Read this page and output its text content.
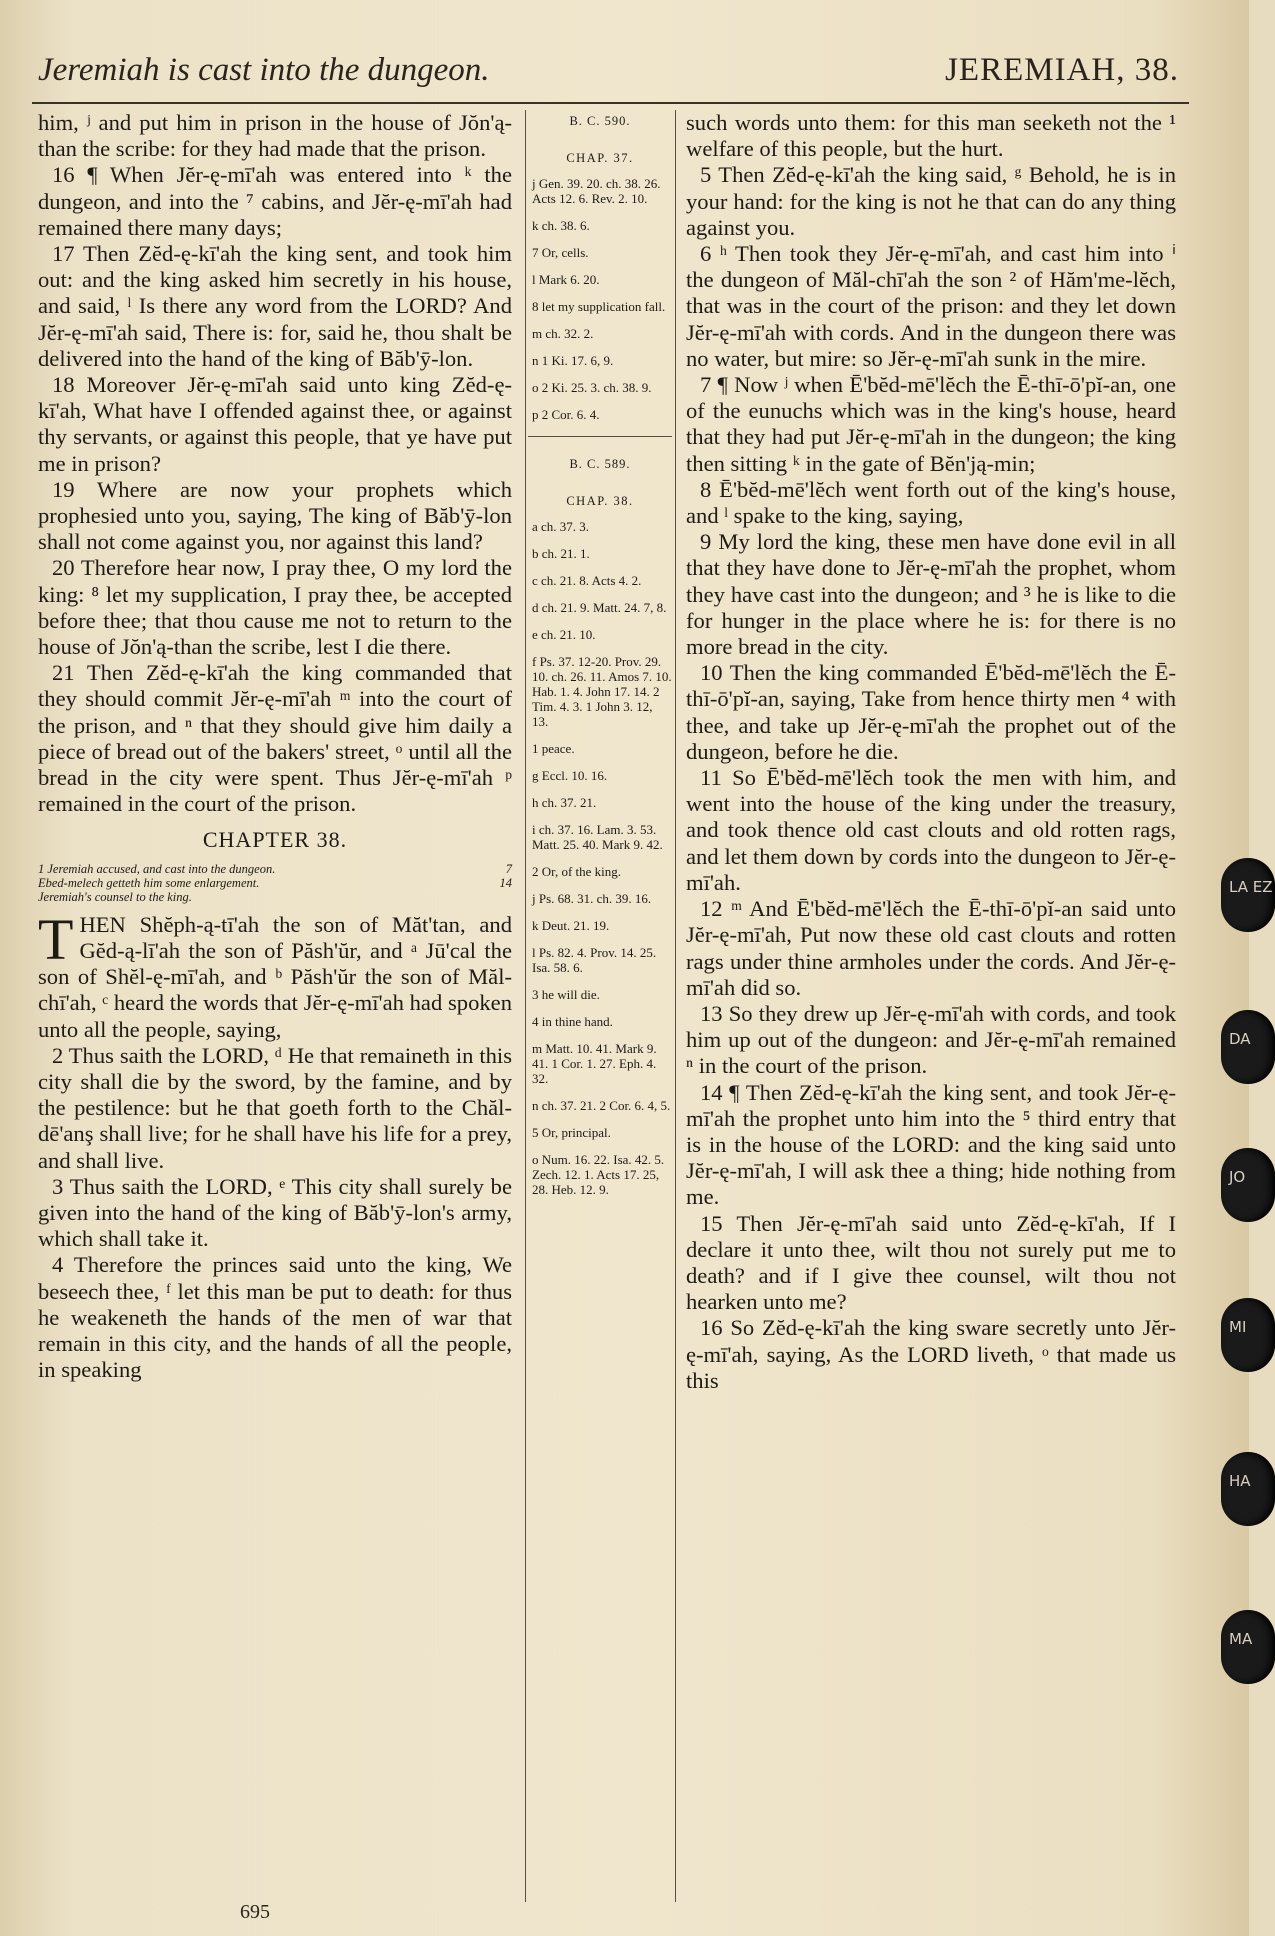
Jeremiah is cast into the dungeon.	JEREMIAH, 38.

him, ʲ and put him in prison in the house of Jŏn'ą-than the scribe: for they had made that the prison.

16 ¶ When Jĕr-ę-mī'ah was entered into ᵏ the dungeon, and into the ⁷ cabins, and Jĕr-ę-mī'ah had remained there many days;

17 Then Zĕd-ę-kī'ah the king sent, and took him out: and the king asked him secretly in his house, and said, ˡ Is there any word from the LORD? And Jĕr-ę-mī'ah said, There is: for, said he, thou shalt be delivered into the hand of the king of Băb'ȳ-lon.

18 Moreover Jĕr-ę-mī'ah said unto king Zĕd-ę-kī'ah, What have I offended against thee, or against thy servants, or against this people, that ye have put me in prison?

19 Where are now your prophets which prophesied unto you, saying, The king of Băb'ȳ-lon shall not come against you, nor against this land?

20 Therefore hear now, I pray thee, O my lord the king: ⁸ let my supplication, I pray thee, be accepted before thee; that thou cause me not to return to the house of Jŏn'ą-than the scribe, lest I die there.

21 Then Zĕd-ę-kī'ah the king commanded that they should commit Jĕr-ę-mī'ah ᵐ into the court of the prison, and ⁿ that they should give him daily a piece of bread out of the bakers' street, ᵒ until all the bread in the city were spent. Thus Jĕr-ę-mī'ah ᵖ remained in the court of the prison.

CHAPTER 38.
1 Jeremiah accused, and cast into the dungeon.	7
Ebed-melech getteth him some enlargement.	14
Jeremiah's counsel to the king.

THEN Shĕph-ą-tī'ah the son of Măt'tan, and Gĕd-ą-lī'ah the son of Păsh'ŭr, and ᵃ Jū'cal the son of Shĕl-ę-mī'ah, and ᵇ Păsh'ŭr the son of Măl-chī'ah, ᶜ heard the words that Jĕr-ę-mī'ah had spoken unto all the people, saying,

2 Thus saith the LORD, ᵈ He that remaineth in this city shall die by the sword, by the famine, and by the pestilence: but he that goeth forth to the Chăl-dē'anş shall live; for he shall have his life for a prey, and shall live.

3 Thus saith the LORD, ᵉ This city shall surely be given into the hand of the king of Băb'ȳ-lon's army, which shall take it.

4 Therefore the princes said unto the king, We beseech thee, ᶠ let this man be put to death: for thus he weakeneth the hands of the men of war that remain in this city, and the hands of all the people, in speaking

B. C. 590.
CHAP. 37.
j Gen. 39. 20. ch. 38. 26. Acts 12. 6. Rev. 2. 10.
k ch. 38. 6.
7 Or, cells.
l Mark 6. 20.
8 let my supplication fall.
m ch. 32. 2.
n 1 Ki. 17. 6, 9.
o 2 Ki. 25. 3. ch. 38. 9.
p 2 Cor. 6. 4.
B. C. 589.
CHAP. 38.
a ch. 37. 3.
b ch. 21. 1.
c ch. 21. 8. Acts 4. 2.
d ch. 21. 9. Matt. 24. 7, 8.
e ch. 21. 10.
f Ps. 37. 12-20. Prov. 29. 10. ch. 26. 11. Amos 7. 10. Hab. 1. 4. John 17. 14. 2 Tim. 4. 3. 1 John 3. 12, 13.
1 peace.
g Eccl. 10. 16.
h ch. 37. 21.
i ch. 37. 16. Lam. 3. 53. Matt. 25. 40. Mark 9. 42.
2 Or, of the king.
j Ps. 68. 31. ch. 39. 16.
k Deut. 21. 19.
l Ps. 82. 4. Prov. 14. 25. Isa. 58. 6.
3 he will die.
4 in thine hand.
m Matt. 10. 41. Mark 9. 41. 1 Cor. 1. 27. Eph. 4. 32.
n ch. 37. 21. 2 Cor. 6. 4, 5.
5 Or, principal.
o Num. 16. 22. Isa. 42. 5. Zech. 12. 1. Acts 17. 25, 28. Heb. 12. 9.

such words unto them: for this man seeketh not the ¹ welfare of this people, but the hurt.

5 Then Zĕd-ę-kī'ah the king said, ᵍ Behold, he is in your hand: for the king is not he that can do any thing against you.

6 ʰ Then took they Jĕr-ę-mī'ah, and cast him into ⁱ the dungeon of Măl-chī'ah the son ² of Hăm'me-lĕch, that was in the court of the prison: and they let down Jĕr-ę-mī'ah with cords. And in the dungeon there was no water, but mire: so Jĕr-ę-mī'ah sunk in the mire.

7 ¶ Now ʲ when Ē'bĕd-mē'lĕch the Ē-thī-ō'pĭ-an, one of the eunuchs which was in the king's house, heard that they had put Jĕr-ę-mī'ah in the dungeon; the king then sitting ᵏ in the gate of Bĕn'ją-min;

8 Ē'bĕd-mē'lĕch went forth out of the king's house, and ˡ spake to the king, saying,

9 My lord the king, these men have done evil in all that they have done to Jĕr-ę-mī'ah the prophet, whom they have cast into the dungeon; and ³ he is like to die for hunger in the place where he is: for there is no more bread in the city.

10 Then the king commanded Ē'bĕd-mē'lĕch the Ē-thī-ō'pĭ-an, saying, Take from hence thirty men ⁴ with thee, and take up Jĕr-ę-mī'ah the prophet out of the dungeon, before he die.

11 So Ē'bĕd-mē'lĕch took the men with him, and went into the house of the king under the treasury, and took thence old cast clouts and old rotten rags, and let them down by cords into the dungeon to Jĕr-ę-mī'ah.

12 ᵐ And Ē'bĕd-mē'lĕch the Ē-thī-ō'pĭ-an said unto Jĕr-ę-mī'ah, Put now these old cast clouts and rotten rags under thine armholes under the cords. And Jĕr-ę-mī'ah did so.

13 So they drew up Jĕr-ę-mī'ah with cords, and took him up out of the dungeon: and Jĕr-ę-mī'ah remained ⁿ in the court of the prison.

14 ¶ Then Zĕd-ę-kī'ah the king sent, and took Jĕr-ę-mī'ah the prophet unto him into the ⁵ third entry that is in the house of the LORD: and the king said unto Jĕr-ę-mī'ah, I will ask thee a thing; hide nothing from me.

15 Then Jĕr-ę-mī'ah said unto Zĕd-ę-kī'ah, If I declare it unto thee, wilt thou not surely put me to death? and if I give thee counsel, wilt thou not hearken unto me?

16 So Zĕd-ę-kī'ah the king sware secretly unto Jĕr-ę-mī'ah, saying, As the LORD liveth, ᵒ that made us this

LA EZ
DA
JO
MI
HA
MA
695
